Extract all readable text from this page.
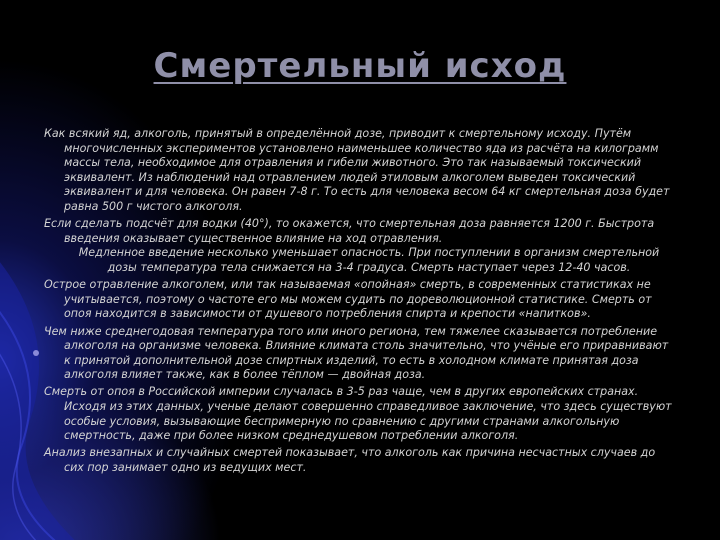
Смертельный исход

Как всякий яд, алкоголь, принятый в определённой дозе, приводит к смертельному исходу. Путём многочисленных экспериментов установлено наименьшее количество яда из расчёта на килограмм массы тела, необходимое для отравления и гибели животного. Это так называемый токсический эквивалент. Из наблюдений над отравлением людей этиловым алкоголем выведен токсический эквивалент и для человека. Он равен 7-8 г. То есть для человека весом 64 кг смертельная доза будет равна 500 г чистого алкоголя.

Если сделать подсчёт для водки (40°), то окажется, что смертельная доза равняется 1200 г. Быстрота введения оказывает существенное влияние на ход отравления.
Медленное введение несколько уменьшает опасность. При поступлении в организм смертельной дозы температура тела снижается на 3-4 градуса. Смерть наступает через 12-40 часов.

Острое отравление алкоголем, или так называемая «опойная» смерть, в современных статистиках не учитывается, поэтому о частоте его мы можем судить по дореволюционной статистике. Смерть от опоя находится в зависимости от душевого потребления спирта и крепости «напитков».

Чем ниже среднегодовая температура того или иного региона, тем тяжелее сказывается потребление алкоголя на организме человека. Влияние климата столь значительно, что учёные его приравнивают к принятой дополнительной дозе спиртных изделий, то есть в холодном климате принятая доза алкоголя влияет также, как в более тёплом — двойная доза.

Смерть от опоя в Российской империи случалась в 3-5 раз чаще, чем в других европейских странах. Исходя из этих данных, ученые делают совершенно справедливое заключение, что здесь существуют особые условия, вызывающие беспримерную по сравнению с другими странами алкогольную смертность, даже при более низком среднедушевом потреблении алкоголя.

Анализ внезапных и случайных смертей показывает, что алкоголь как причина несчастных случаев до сих пор занимает одно из ведущих мест.
